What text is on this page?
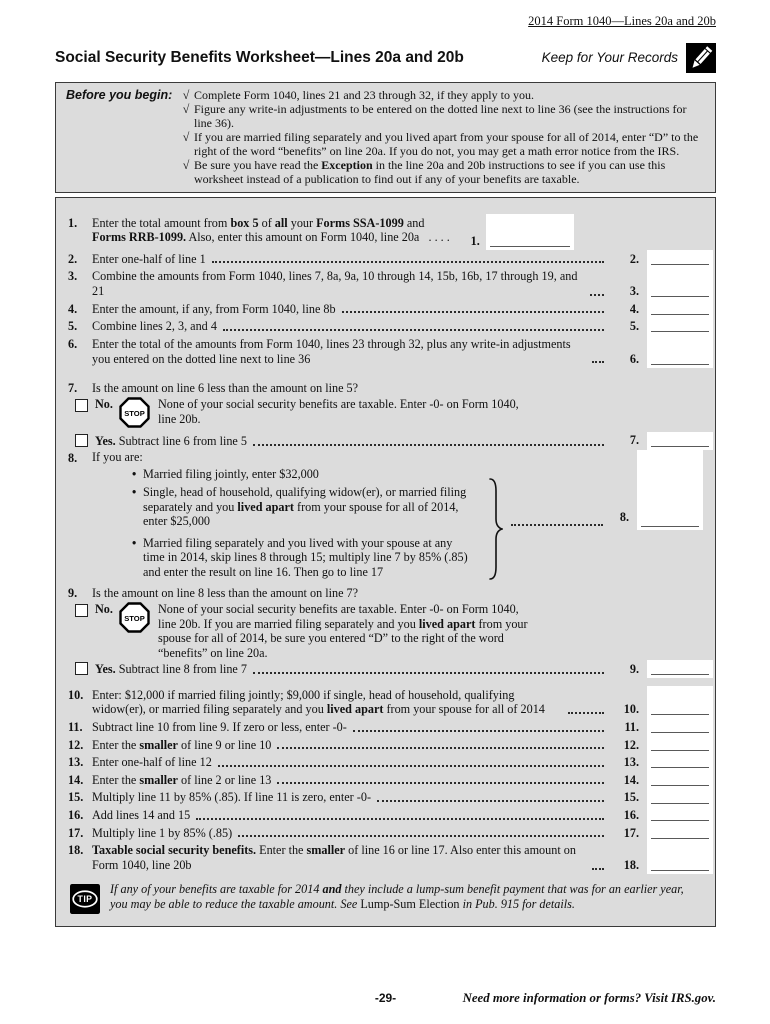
2014 Form 1040—Lines 20a and 20b
Social Security Benefits Worksheet—Lines 20a and 20b	Keep for Your Records
Before you begin: √ Complete Form 1040, lines 21 and 23 through 32, if they apply to you.
√ Figure any write-in adjustments to be entered on the dotted line next to line 36 (see the instructions for line 36).
√ If you are married filing separately and you lived apart from your spouse for all of 2014, enter “D” to the right of the word “benefits” on line 20a. If you do not, you may get a math error notice from the IRS.
√ Be sure you have read the Exception in the line 20a and 20b instructions to see if you can use this worksheet instead of a publication to find out if any of your benefits are taxable.
1.	Enter the total amount from box 5 of all your Forms SSA-1099 and
Forms RRB-1099. Also, enter this amount on Form 1040, line 20a   . . . .	1.
2.	Enter one-half of line 1	2.
3.	Combine the amounts from Form 1040, lines 7, 8a, 9a, 10 through 14, 15b, 16b, 17 through 19, and 21	3.
4.	Enter the amount, if any, from Form 1040, line 8b	4.
5.	Combine lines 2, 3, and 4	5.
6.	Enter the total of the amounts from Form 1040, lines 23 through 32, plus any write-in adjustments you entered on the dotted line next to line 36	6.
7.	Is the amount on line 6 less than the amount on line 5?
No.
STOP
None of your social security benefits are taxable. Enter -0- on Form 1040, line 20b.
Yes. Subtract line 6 from line 5	7.
8.	If you are:
• Married filing jointly, enter $32,000
• Single, head of household, qualifying widow(er), or married filing separately and you lived apart from your spouse for all of 2014, enter $25,000
• Married filing separately and you lived with your spouse at any time in 2014, skip lines 8 through 15; multiply line 7 by 85% (.85) and enter the result on line 16. Then go to line 17
8.
9.	Is the amount on line 8 less than the amount on line 7?
No.
STOP
None of your social security benefits are taxable. Enter -0- on Form 1040, line 20b. If you are married filing separately and you lived apart from your spouse for all of 2014, be sure you entered “D” to the right of the word “benefits” on line 20a.
Yes. Subtract line 8 from line 7	9.
10. Enter: $12,000 if married filing jointly; $9,000 if single, head of household, qualifying widow(er), or married filing separately and you lived apart from your spouse for all of 2014	10.
11. Subtract line 10 from line 9. If zero or less, enter -0-	11.
12. Enter the smaller of line 9 or line 10	12.
13. Enter one-half of line 12	13.
14. Enter the smaller of line 2 or line 13	14.
15. Multiply line 11 by 85% (.85). If line 11 is zero, enter -0-	15.
16. Add lines 14 and 15	16.
17. Multiply line 1 by 85% (.85)	17.
18. Taxable social security benefits. Enter the smaller of line 16 or line 17. Also enter this amount on Form 1040, line 20b	18.
TIP
If any of your benefits are taxable for 2014 and they include a lump-sum benefit payment that was for an earlier year, you may be able to reduce the taxable amount. See Lump-Sum Election in Pub. 915 for details.
-29-	Need more information or forms? Visit IRS.gov.
